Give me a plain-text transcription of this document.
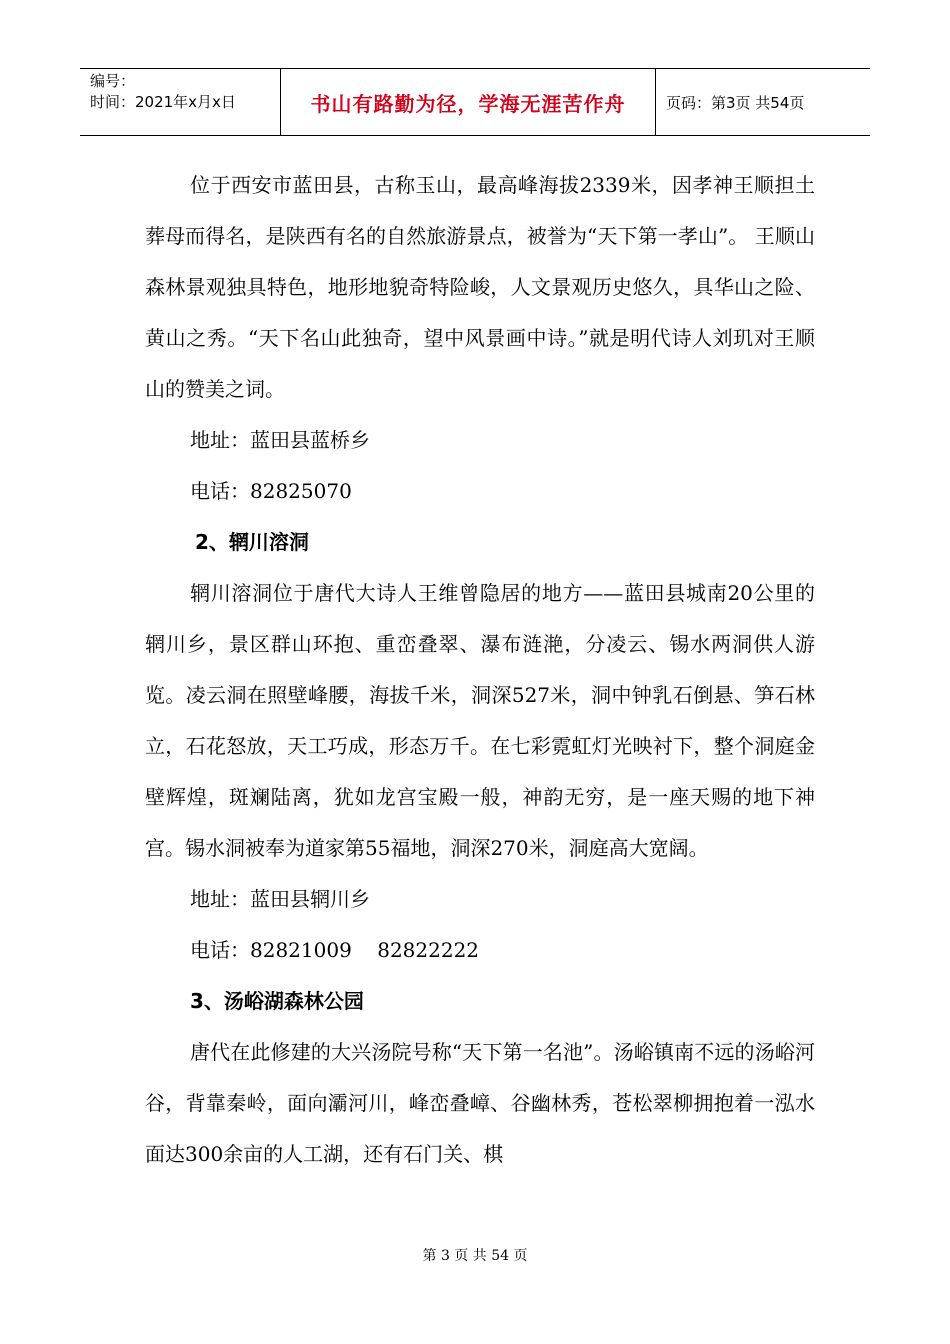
编号：
时间：2021年x月x日	书山有路勤为径，学海无涯苦作舟	页码：第3页 共54页

位于西安市蓝田县，古称玉山，最高峰海拔2339米，因孝神王顺担土葬母而得名，是陕西有名的自然旅游景点，被誉为“天下第一孝山”。 王顺山森林景观独具特色，地形地貌奇特险峻，人文景观历史悠久，具华山之险、黄山之秀。“天下名山此独奇，望中风景画中诗。”就是明代诗人刘玑对王顺山的赞美之词。

地址：蓝田县蓝桥乡

电话：82825070

2、辋川溶洞

辋川溶洞位于唐代大诗人王维曾隐居的地方——蓝田县城南20公里的辋川乡，景区群山环抱、重峦叠翠、瀑布涟滟，分凌云、锡水两洞供人游览。凌云洞在照壁峰腰，海拔千米，洞深527米，洞中钟乳石倒悬、笋石林立，石花怒放，天工巧成，形态万千。在七彩霓虹灯光映衬下，整个洞庭金壁辉煌，斑斓陆离，犹如龙宫宝殿一般，神韵无穷，是一座天赐的地下神宫。锡水洞被奉为道家第55福地，洞深270米，洞庭高大宽阔。

地址：蓝田县辋川乡

电话：82821009    82822222

3、汤峪湖森林公园

唐代在此修建的大兴汤院号称“天下第一名池”。汤峪镇南不远的汤峪河谷，背靠秦岭，面向灞河川，峰峦叠嶂、谷幽林秀，苍松翠柳拥抱着一泓水面达300余亩的人工湖，还有石门关、棋

第 3 页 共 54 页
